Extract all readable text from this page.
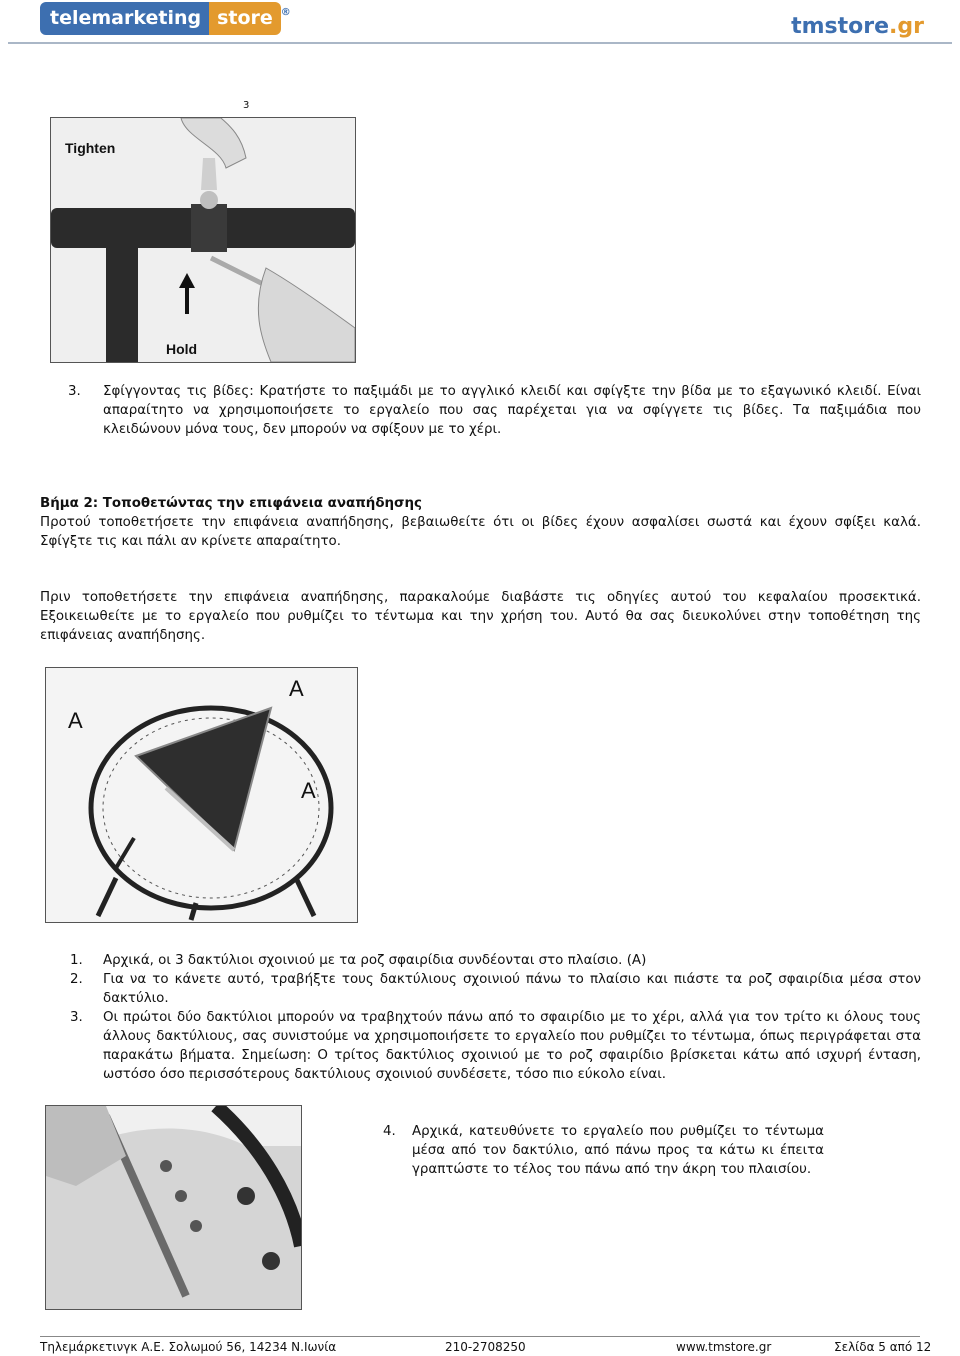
telemarketing store ®
tmstore.gr
Tighten
Hold
3
3. Σφίγγοντας τις βίδες: Κρατήστε το παξιμάδι με το αγγλικό κλειδί και σφίγξτε την βίδα με το εξαγωνικό κλειδί. Είναι απαραίτητο να χρησιμοποιήσετε το εργαλείο που σας παρέχεται για να σφίγγετε τις βίδες. Τα παξιμάδια που κλειδώνουν μόνα τους, δεν μπορούν να σφίξουν με το χέρι.
Βήμα 2: Τοποθετώντας την επιφάνεια αναπήδησης
Προτού τοποθετήσετε την επιφάνεια αναπήδησης, βεβαιωθείτε ότι οι βίδες έχουν ασφαλίσει σωστά και έχουν σφίξει καλά. Σφίγξτε τις και πάλι αν κρίνετε απαραίτητο.
Πριν τοποθετήσετε την επιφάνεια αναπήδησης, παρακαλούμε διαβάστε τις οδηγίες αυτού του κεφαλαίου προσεκτικά. Εξοικειωθείτε με το εργαλείο που ρυθμίζει το τέντωμα και την χρήση του. Αυτό θα σας διευκολύνει στην τοποθέτηση της επιφάνειας αναπήδησης.
A
A
A
1. Αρχικά, οι 3 δακτύλιοι σχοινιού με τα ροζ σφαιρίδια συνδέονται στο πλαίσιο. (A)
2. Για να το κάνετε αυτό, τραβήξτε τους δακτύλιους σχοινιού πάνω το πλαίσιο και πιάστε τα ροζ σφαιρίδια μέσα στον δακτύλιο.
3. Οι πρώτοι δύο δακτύλιοι μπορούν να τραβηχτούν πάνω από το σφαιρίδιο με το χέρι, αλλά για τον τρίτο κι όλους τους άλλους δακτύλιους, σας συνιστούμε να χρησιμοποιήσετε το εργαλείο που ρυθμίζει το τέντωμα, όπως περιγράφεται στα παρακάτω βήματα. Σημείωση: Ο τρίτος δακτύλιος σχοινιού με το ροζ σφαιρίδιο βρίσκεται κάτω από ισχυρή ένταση, ωστόσο όσο περισσότερους δακτύλιους σχοινιού συνδέσετε, τόσο πιο εύκολο είναι.
4. Αρχικά, κατευθύνετε το εργαλείο που ρυθμίζει το τέντωμα μέσα από τον δακτύλιο, από πάνω προς τα κάτω κι έπειτα γραπτώστε το τέλος του πάνω από την άκρη του πλαισίου.
Τηλεμάρκετινγκ Α.Ε. Σολωμού 56, 14234 Ν.Ιωνία	210-2708250	www.tmstore.gr	Σελίδα 5 από 12
